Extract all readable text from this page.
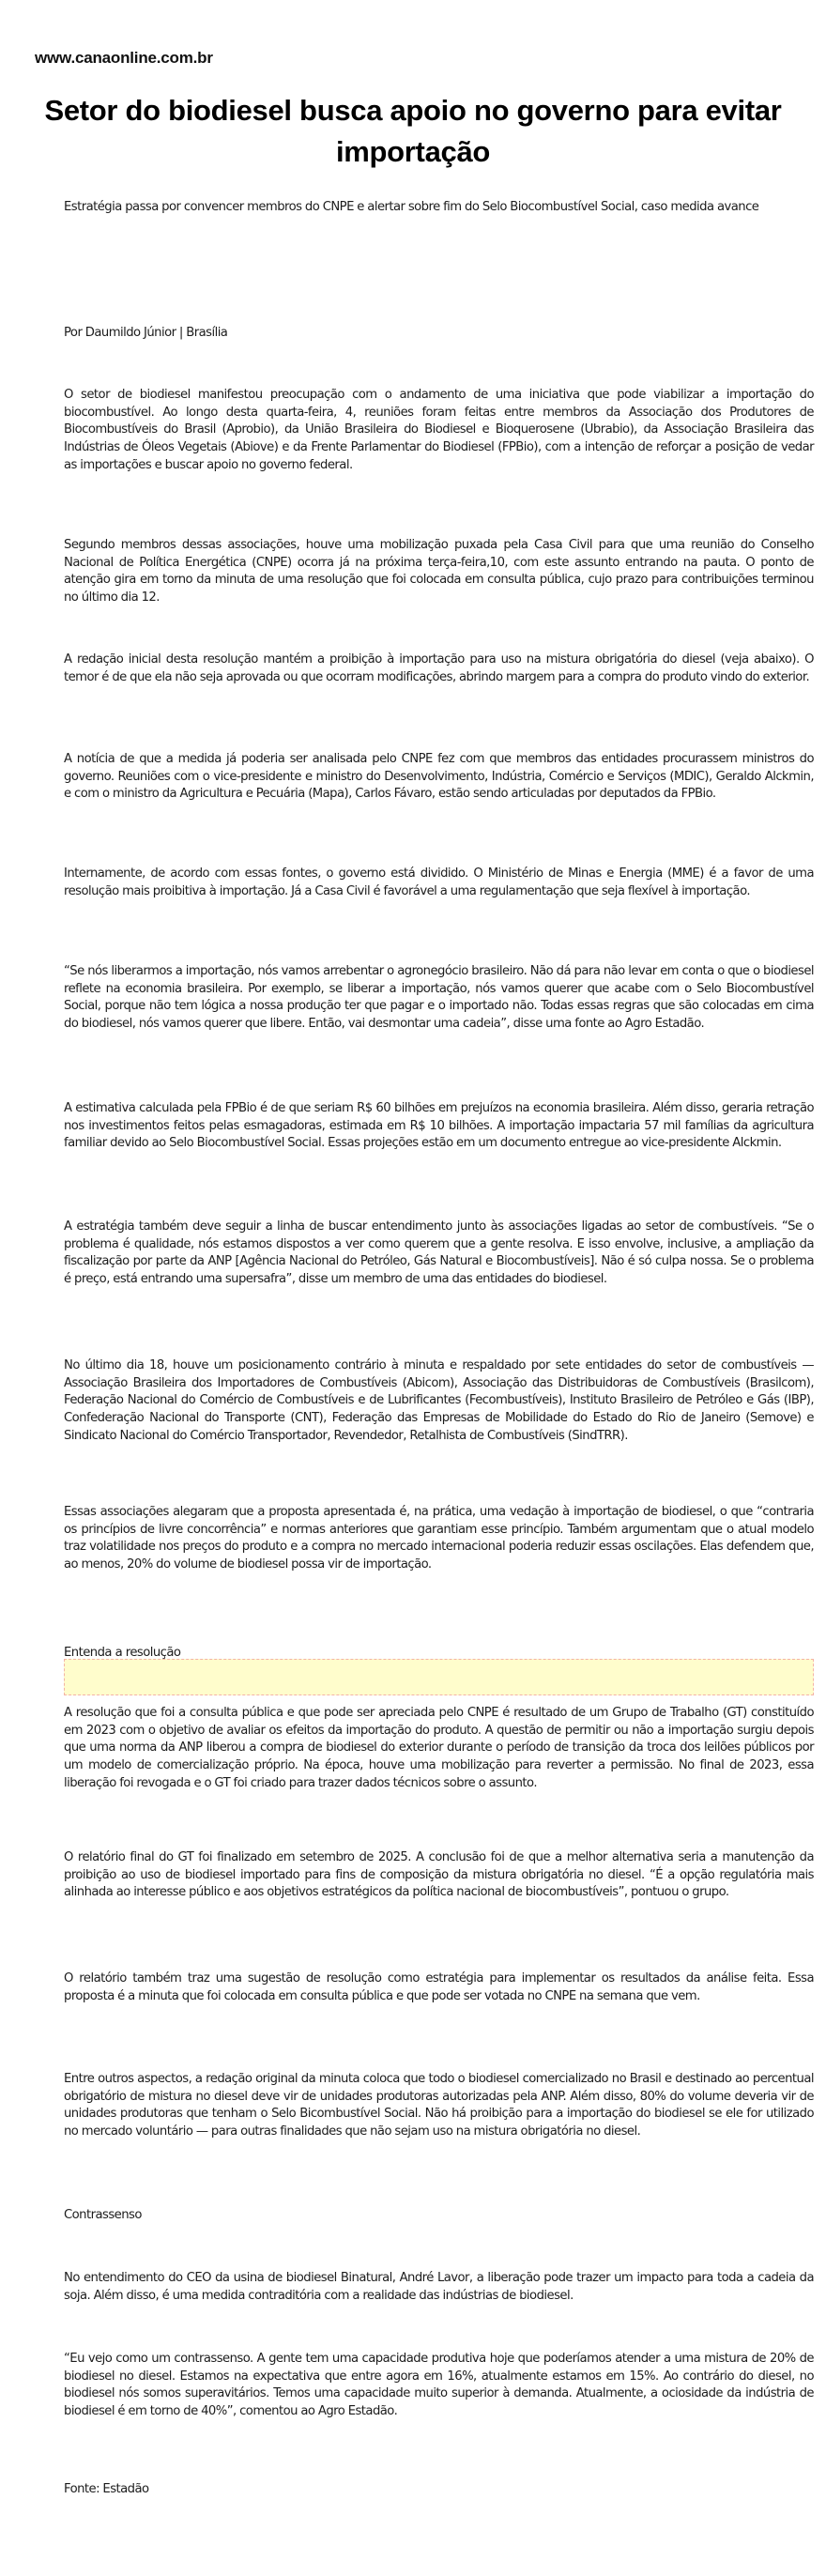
www.canaonline.com.br
Setor do biodiesel busca apoio no governo para evitar importação

Estratégia passa por convencer membros do CNPE e alertar sobre fim do Selo Biocombustível Social, caso medida avance

Por Daumildo Júnior | Brasília

O setor de biodiesel manifestou preocupação com o andamento de uma iniciativa que pode viabilizar a importação do biocombustível. Ao longo desta quarta-feira, 4, reuniões foram feitas entre membros da Associação dos Produtores de Biocombustíveis do Brasil (Aprobio), da União Brasileira do Biodiesel e Bioquerosene (Ubrabio), da Associação Brasileira das Indústrias de Óleos Vegetais (Abiove) e da Frente Parlamentar do Biodiesel (FPBio), com a intenção de reforçar a posição de vedar as importações e buscar apoio no governo federal.

Segundo membros dessas associações, houve uma mobilização puxada pela Casa Civil para que uma reunião do Conselho Nacional de Política Energética (CNPE) ocorra já na próxima terça-feira,10, com este assunto entrando na pauta. O ponto de atenção gira em torno da minuta de uma resolução que foi colocada em consulta pública, cujo prazo para contribuições terminou no último dia 12.

A redação inicial desta resolução mantém a proibição à importação para uso na mistura obrigatória do diesel (veja abaixo). O temor é de que ela não seja aprovada ou que ocorram modificações, abrindo margem para a compra do produto vindo do exterior.

A notícia de que a medida já poderia ser analisada pelo CNPE fez com que membros das entidades procurassem ministros do governo. Reuniões com o vice-presidente e ministro do Desenvolvimento, Indústria, Comércio e Serviços (MDIC), Geraldo Alckmin, e com o ministro da Agricultura e Pecuária (Mapa), Carlos Fávaro, estão sendo articuladas por deputados da FPBio.

Internamente, de acordo com essas fontes, o governo está dividido. O Ministério de Minas e Energia (MME) é a favor de uma resolução mais proibitiva à importação. Já a Casa Civil é favorável a uma regulamentação que seja flexível à importação.

“Se nós liberarmos a importação, nós vamos arrebentar o agronegócio brasileiro. Não dá para não levar em conta o que o biodiesel reflete na economia brasileira. Por exemplo, se liberar a importação, nós vamos querer que acabe com o Selo Biocombustível Social, porque não tem lógica a nossa produção ter que pagar e o importado não. Todas essas regras que são colocadas em cima do biodiesel, nós vamos querer que libere. Então, vai desmontar uma cadeia”, disse uma fonte ao Agro Estadão.

A estimativa calculada pela FPBio é de que seriam R$ 60 bilhões em prejuízos na economia brasileira. Além disso, geraria retração nos investimentos feitos pelas esmagadoras, estimada em R$ 10 bilhões. A importação impactaria 57 mil famílias da agricultura familiar devido ao Selo Biocombustível Social. Essas projeções estão em um documento entregue ao vice-presidente Alckmin.

A estratégia também deve seguir a linha de buscar entendimento junto às associações ligadas ao setor de combustíveis. “Se o problema é qualidade, nós estamos dispostos a ver como querem que a gente resolva. E isso envolve, inclusive, a ampliação da fiscalização por parte da ANP [Agência Nacional do Petróleo, Gás Natural e Biocombustíveis]. Não é só culpa nossa. Se o problema é preço, está entrando uma supersafra”, disse um membro de uma das entidades do biodiesel.

No último dia 18, houve um posicionamento contrário à minuta e respaldado por sete entidades do setor de combustíveis — Associação Brasileira dos Importadores de Combustíveis (Abicom), Associação das Distribuidoras de Combustíveis (Brasilcom), Federação Nacional do Comércio de Combustíveis e de Lubrificantes (Fecombustíveis), Instituto Brasileiro de Petróleo e Gás (IBP), Confederação Nacional do Transporte (CNT), Federação das Empresas de Mobilidade do Estado do Rio de Janeiro (Semove) e Sindicato Nacional do Comércio Transportador, Revendedor, Retalhista de Combustíveis (SindTRR).

Essas associações alegaram que a proposta apresentada é, na prática, uma vedação à importação de biodiesel, o que “contraria os princípios de livre concorrência” e normas anteriores que garantiam esse princípio. Também argumentam que o atual modelo traz volatilidade nos preços do produto e a compra no mercado internacional poderia reduzir essas oscilações. Elas defendem que, ao menos, 20% do volume de biodiesel possa vir de importação.

Entenda a resolução

A resolução que foi a consulta pública e que pode ser apreciada pelo CNPE é resultado de um Grupo de Trabalho (GT) constituído em 2023 com o objetivo de avaliar os efeitos da importação do produto. A questão de permitir ou não a importação surgiu depois que uma norma da ANP liberou a compra de biodiesel do exterior durante o período de transição da troca dos leilões públicos por um modelo de comercialização próprio. Na época, houve uma mobilização para reverter a permissão. No final de 2023, essa liberação foi revogada e o GT foi criado para trazer dados técnicos sobre o assunto.

O relatório final do GT foi finalizado em setembro de 2025. A conclusão foi de que a melhor alternativa seria a manutenção da proibição ao uso de biodiesel importado para fins de composição da mistura obrigatória no diesel. “É a opção regulatória mais alinhada ao interesse público e aos objetivos estratégicos da política nacional de biocombustíveis”, pontuou o grupo.

O relatório também traz uma sugestão de resolução como estratégia para implementar os resultados da análise feita. Essa proposta é a minuta que foi colocada em consulta pública e que pode ser votada no CNPE na semana que vem.

Entre outros aspectos, a redação original da minuta coloca que todo o biodiesel comercializado no Brasil e destinado ao percentual obrigatório de mistura no diesel deve vir de unidades produtoras autorizadas pela ANP. Além disso, 80% do volume deveria vir de unidades produtoras que tenham o Selo Bicombustível Social. Não há proibição para a importação do biodiesel se ele for utilizado no mercado voluntário — para outras finalidades que não sejam uso na mistura obrigatória no diesel.

Contrassenso

No entendimento do CEO da usina de biodiesel Binatural, André Lavor, a liberação pode trazer um impacto para toda a cadeia da soja. Além disso, é uma medida contraditória com a realidade das indústrias de biodiesel.

“Eu vejo como um contrassenso. A gente tem uma capacidade produtiva hoje que poderíamos atender a uma mistura de 20% de biodiesel no diesel. Estamos na expectativa que entre agora em 16%, atualmente estamos em 15%. Ao contrário do diesel, no biodiesel nós somos superavitários. Temos uma capacidade muito superior à demanda. Atualmente, a ociosidade da indústria de biodiesel é em torno de 40%”, comentou ao Agro Estadão.

Fonte: Estadão
